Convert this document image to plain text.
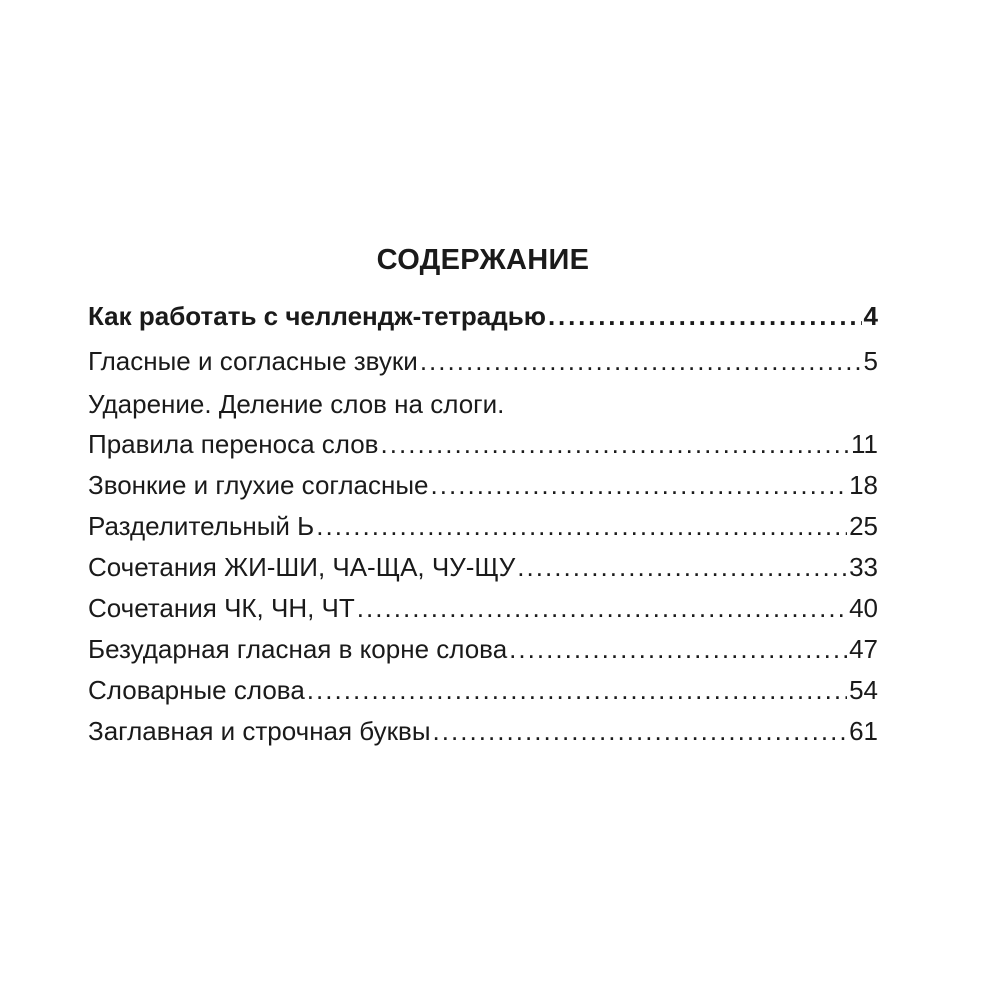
СОДЕРЖАНИЕ
Как работать с челлендж-тетрадью . . .	4
Гласные и согласные звуки . . .	5
Ударение. Деление слов на слоги.
Правила переноса слов . . .	11
Звонкие и глухие согласные . . .	18
Разделительный Ь . . .	25
Сочетания ЖИ-ШИ, ЧА-ЩА, ЧУ-ЩУ . . .	33
Сочетания ЧК, ЧН, ЧТ . . .	40
Безударная гласная в корне слова . . .	47
Словарные слова . . .	54
Заглавная и строчная буквы . . .	61
